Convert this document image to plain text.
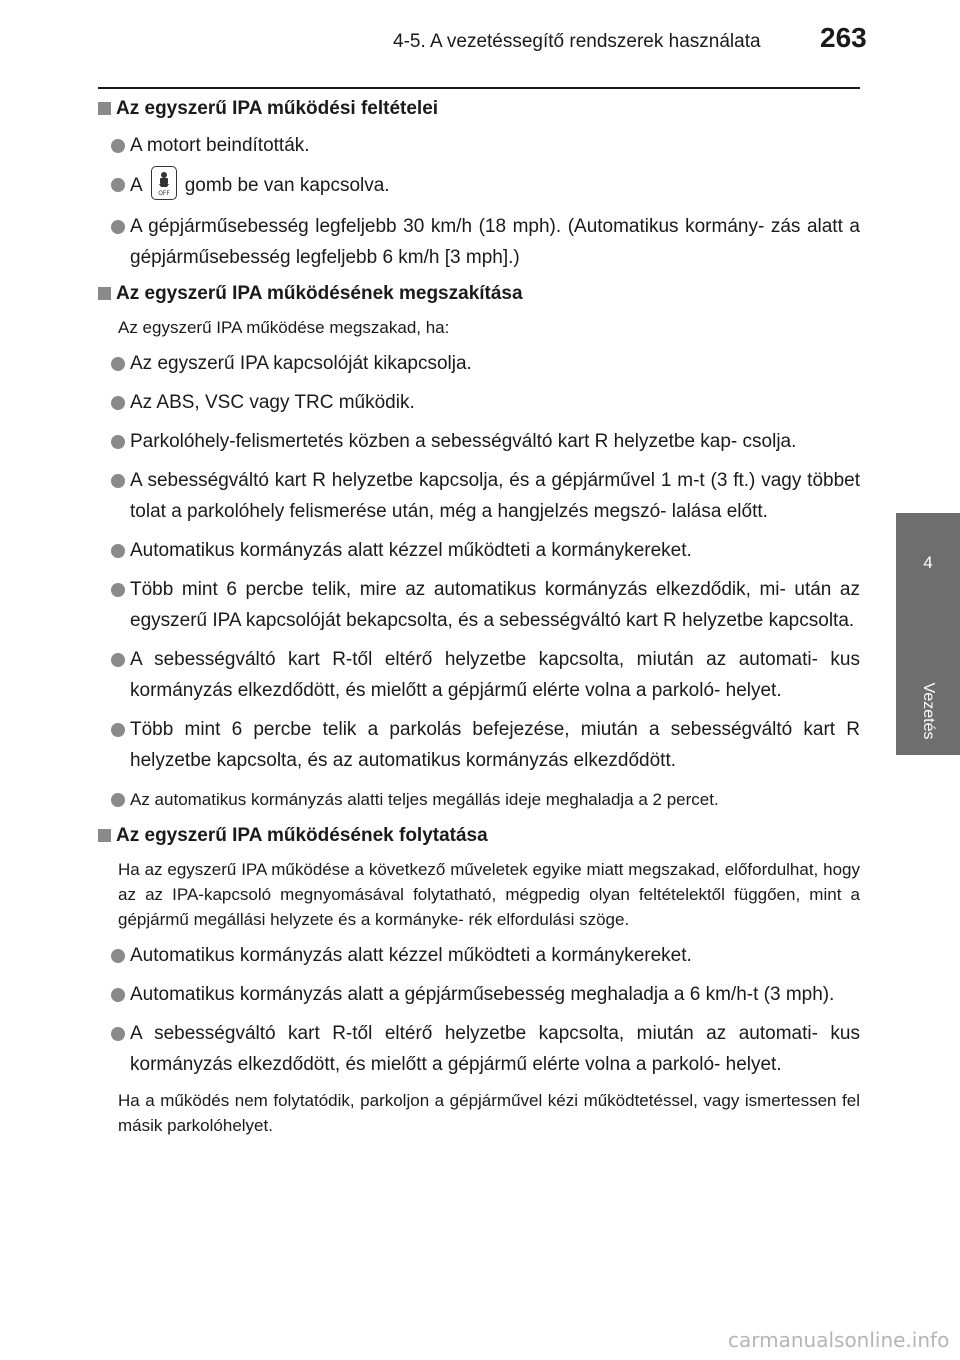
4-5. A vezetéssegítő rendszerek használata 263
4
Vezetés
Az egyszerű IPA működési feltételei
A motort beindították.
A	OFF gomb be van kapcsolva.
A gépjárműsebesség legfeljebb 30 km/h (18 mph). (Automatikus kormány- zás alatt a gépjárműsebesség legfeljebb 6 km/h [3 mph].)
Az egyszerű IPA működésének megszakítása
Az egyszerű IPA működése megszakad, ha:
Az egyszerű IPA kapcsolóját kikapcsolja.
Az ABS, VSC vagy TRC működik.
Parkolóhely-felismertetés közben a sebességváltó kart R helyzetbe kap- csolja.
A sebességváltó kart R helyzetbe kapcsolja, és a gépjárművel 1 m-t (3 ft.) vagy többet tolat a parkolóhely felismerése után, még a hangjelzés megszó- lalása előtt.
Automatikus kormányzás alatt kézzel működteti a kormánykereket.
Több mint 6 percbe telik, mire az automatikus kormányzás elkezdődik, mi- után az egyszerű IPA kapcsolóját bekapcsolta, és a sebességváltó kart R helyzetbe kapcsolta.
A sebességváltó kart R-től eltérő helyzetbe kapcsolta, miután az automati- kus kormányzás elkezdődött, és mielőtt a gépjármű elérte volna a parkoló- helyet.
Több mint 6 percbe telik a parkolás befejezése, miután a sebességváltó kart R helyzetbe kapcsolta, és az automatikus kormányzás elkezdődött.
Az automatikus kormányzás alatti teljes megállás ideje meghaladja a 2 percet.
Az egyszerű IPA működésének folytatása
Ha az egyszerű IPA működése a következő műveletek egyike miatt megszakad, előfordulhat, hogy az az IPA-kapcsoló megnyomásával folytatható, mégpedig olyan feltételektől függően, mint a gépjármű megállási helyzete és a kormányke- rék elfordulási szöge.
Automatikus kormányzás alatt kézzel működteti a kormánykereket.
Automatikus kormányzás alatt a gépjárműsebesség meghaladja a 6 km/h-t (3 mph).
A sebességváltó kart R-től eltérő helyzetbe kapcsolta, miután az automati- kus kormányzás elkezdődött, és mielőtt a gépjármű elérte volna a parkoló- helyet.
Ha a működés nem folytatódik, parkoljon a gépjárművel kézi működtetéssel, vagy ismertessen fel másik parkolóhelyet.
carmanualsonline.info
